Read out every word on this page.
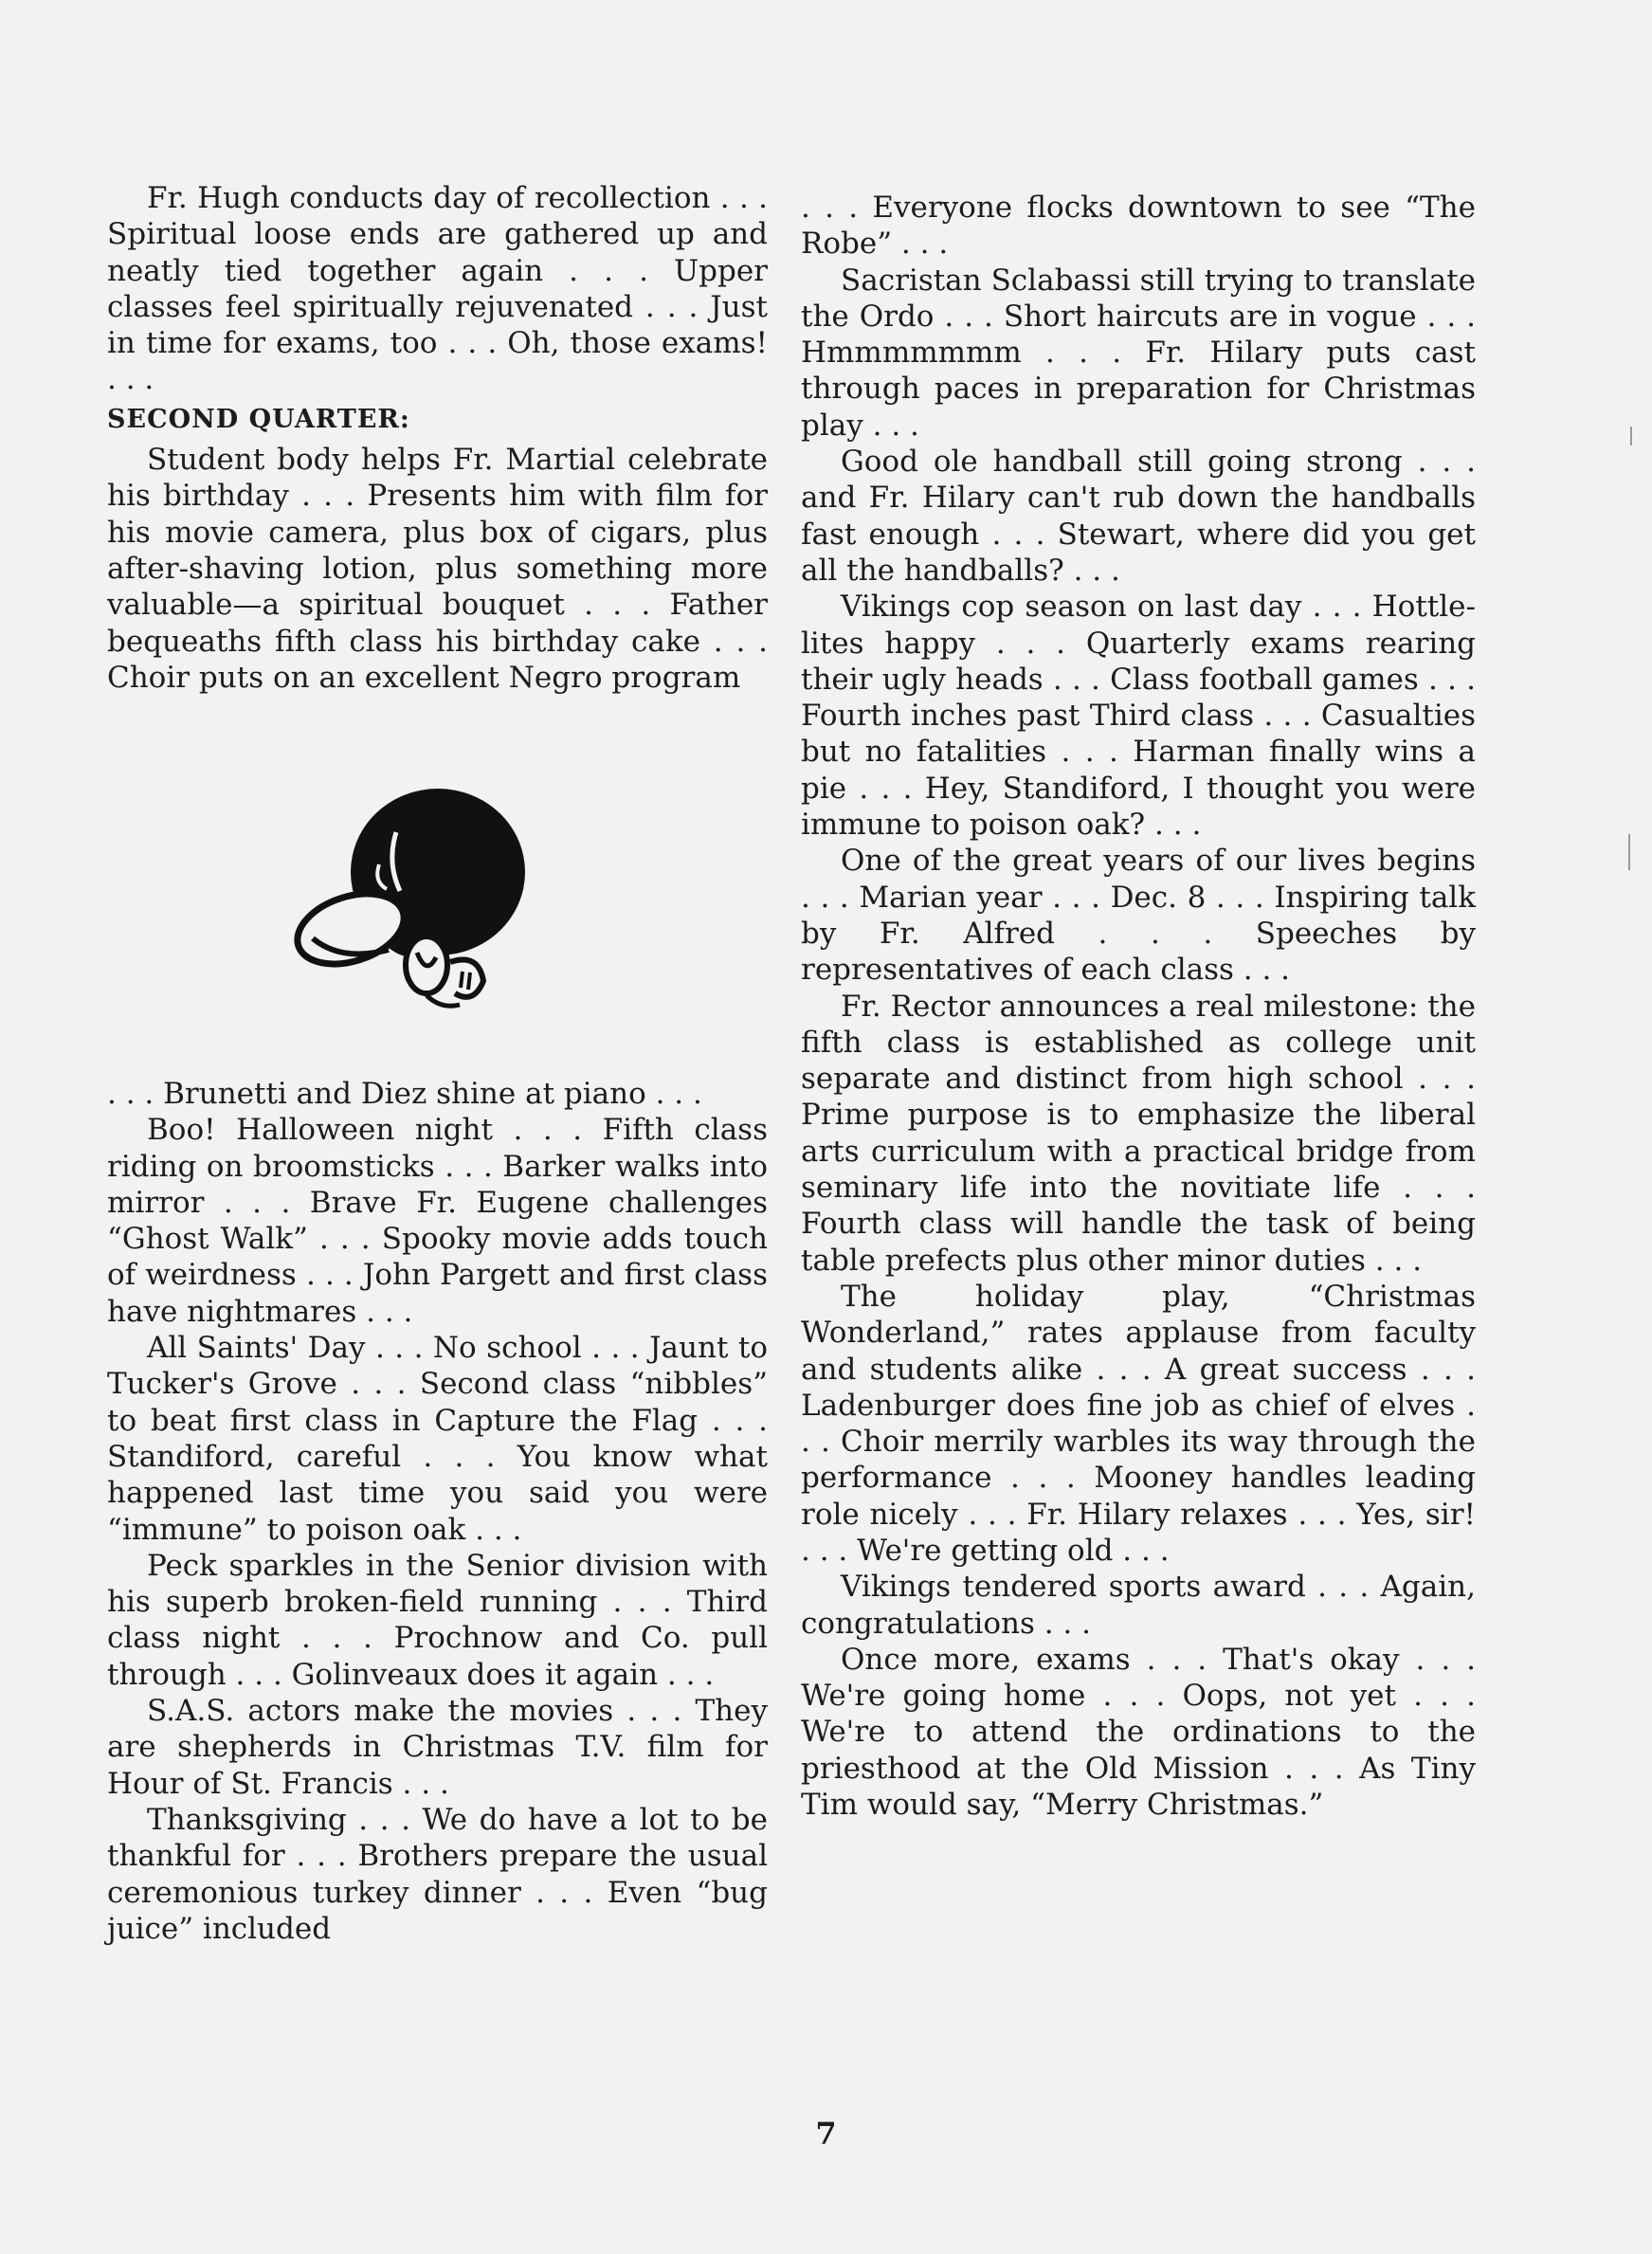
Fr. Hugh conducts day of recollection . . . Spiritual loose ends are gathered up and neatly tied together again . . . Upper classes feel spiritually rejuvenated . . . Just in time for exams, too . . . Oh, those exams! . . .

SECOND QUARTER:

Student body helps Fr. Martial celebrate his birthday . . . Presents him with film for his movie camera, plus box of cigars, plus after-shaving lotion, plus something more valuable—a spiritual bouquet . . . Father bequeaths fifth class his birthday cake . . . Choir puts on an excellent Negro program

. . . Brunetti and Diez shine at piano . . .

Boo! Halloween night . . . Fifth class riding on broomsticks . . . Barker walks into mirror . . . Brave Fr. Eugene challenges “Ghost Walk” . . . Spooky movie adds touch of weirdness . . . John Pargett and first class have nightmares . . .

All Saints' Day . . . No school . . . Jaunt to Tucker's Grove . . . Second class “nibbles” to beat first class in Capture the Flag . . . Standiford, careful . . . You know what happened last time you said you were “immune” to poison oak . . .

Peck sparkles in the Senior division with his superb broken-field running . . . Third class night . . . Prochnow and Co. pull through . . . Golinveaux does it again . . .

S.A.S. actors make the movies . . . They are shepherds in Christmas T.V. film for Hour of St. Francis . . .

Thanksgiving . . . We do have a lot to be thankful for . . . Brothers prepare the usual ceremonious turkey dinner . . . Even “bug juice” included

. . . Everyone flocks downtown to see “The Robe” . . .

Sacristan Sclabassi still trying to translate the Ordo . . . Short haircuts are in vogue . . . Hmmmmmmm . . . Fr. Hilary puts cast through paces in preparation for Christmas play . . .

Good ole handball still going strong . . . and Fr. Hilary can't rub down the handballs fast enough . . . Stewart, where did you get all the handballs? . . .

Vikings cop season on last day . . . Hottle-lites happy . . . Quarterly exams rearing their ugly heads . . . Class football games . . . Fourth inches past Third class . . . Casualties but no fatalities . . . Harman finally wins a pie . . . Hey, Standiford, I thought you were immune to poison oak? . . .

One of the great years of our lives begins . . . Marian year . . . Dec. 8 . . . Inspiring talk by Fr. Alfred . . . Speeches by representatives of each class . . .

Fr. Rector announces a real milestone: the fifth class is established as college unit separate and distinct from high school . . . Prime purpose is to emphasize the liberal arts curriculum with a practical bridge from seminary life into the novitiate life . . . Fourth class will handle the task of being table prefects plus other minor duties . . .

The holiday play, “Christmas Wonderland,” rates applause from faculty and students alike . . . A great success . . . Ladenburger does fine job as chief of elves . . . Choir merrily warbles its way through the performance . . . Mooney handles leading role nicely . . . Fr. Hilary relaxes . . . Yes, sir! . . . We're getting old . . .

Vikings tendered sports award . . . Again, congratulations . . .

Once more, exams . . . That's okay . . . We're going home . . . Oops, not yet . . . We're to attend the ordinations to the priesthood at the Old Mission . . . As Tiny Tim would say, “Merry Christmas.”

7
